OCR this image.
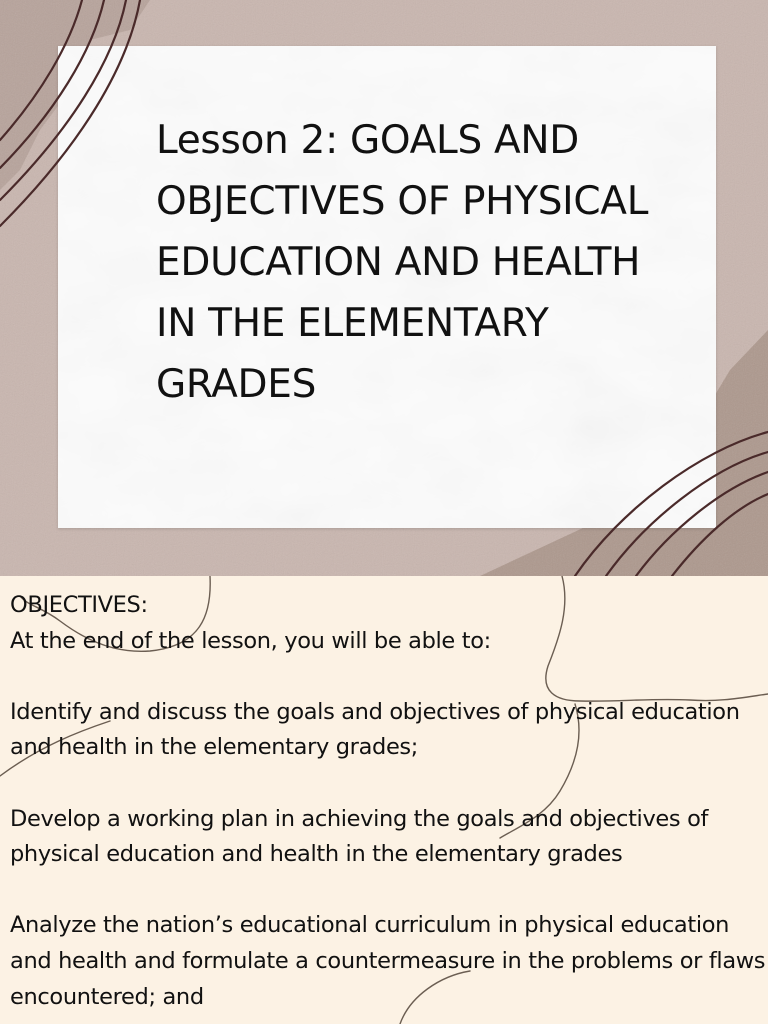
Lesson 2: GOALS AND OBJECTIVES OF PHYSICAL EDUCATION AND HEALTH IN THE ELEMENTARY GRADES

OBJECTIVES:

At the end of the lesson, you will be able to:

Identify and discuss the goals and objectives of physical education and health in the elementary grades;

Develop a working plan in achieving the goals and objectives of physical education and health in the elementary grades

Analyze the nation’s educational curriculum in physical education and health and formulate a countermeasure in the problems or flaws encountered; and
